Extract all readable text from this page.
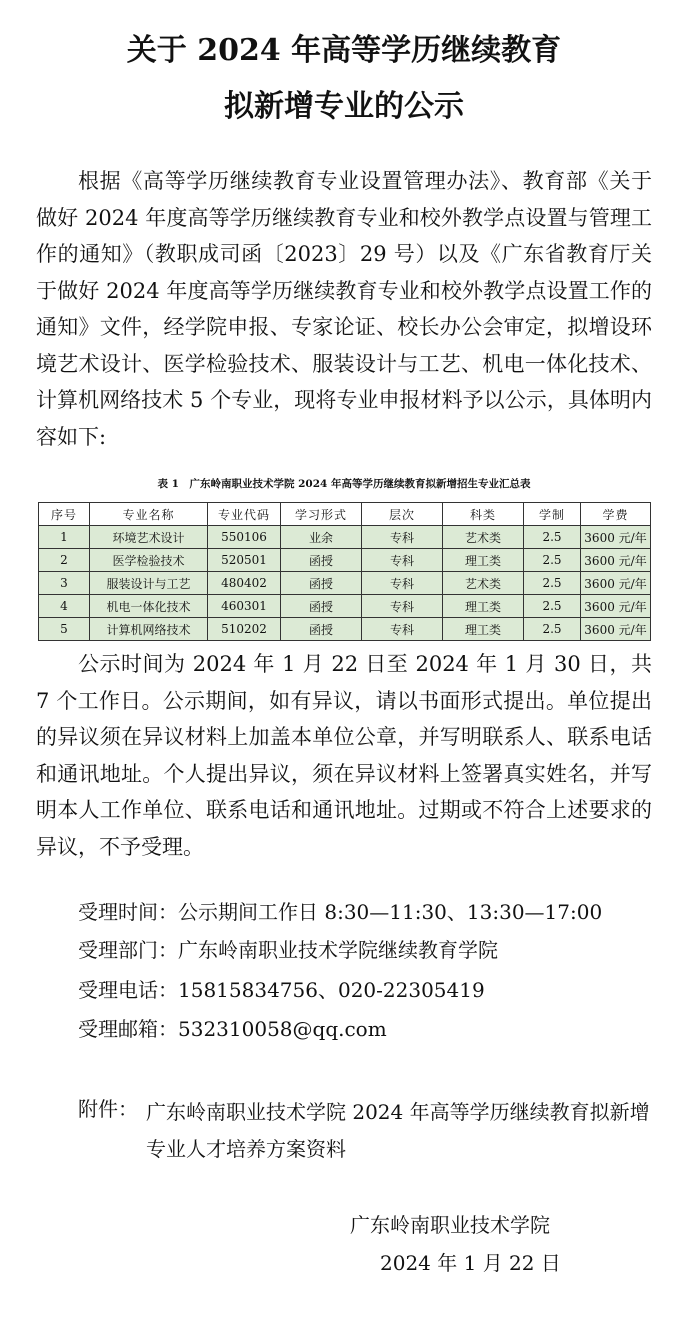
关于 2024 年高等学历继续教育
拟新增专业的公示

根据《高等学历继续教育专业设置管理办法》、教育部《关于做好 2024 年度高等学历继续教育专业和校外教学点设置与管理工作的通知》（教职成司函〔2023〕29 号）以及《广东省教育厅关于做好 2024 年度高等学历继续教育专业和校外教学点设置工作的通知》文件，经学院申报、专家论证、校长办公会审定，拟增设环境艺术设计、医学检验技术、服装设计与工艺、机电一体化技术、计算机网络技术 5 个专业，现将专业申报材料予以公示，具体明内容如下:

表 1　广东岭南职业技术学院 2024 年高等学历继续教育拟新增招生专业汇总表
序号	专业名称	专业代码	学习形式	层次	科类	学制	学费
1	环境艺术设计	550106	业余	专科	艺术类	2.5	3600 元/年
2	医学检验技术	520501	函授	专科	理工类	2.5	3600 元/年
3	服装设计与工艺	480402	函授	专科	艺术类	2.5	3600 元/年
4	机电一体化技术	460301	函授	专科	理工类	2.5	3600 元/年
5	计算机网络技术	510202	函授	专科	理工类	2.5	3600 元/年

公示时间为 2024 年 1 月 22 日至 2024 年 1 月 30 日，共 7 个工作日。公示期间，如有异议，请以书面形式提出。单位提出的异议须在异议材料上加盖本单位公章，并写明联系人、联系电话和通讯地址。个人提出异议，须在异议材料上签署真实姓名，并写明本人工作单位、联系电话和通讯地址。过期或不符合上述要求的异议，不予受理。

受理时间：公示期间工作日 8:30—11:30、13:30—17:00
受理部门：广东岭南职业技术学院继续教育学院
受理电话：15815834756、020-22305419
受理邮箱：532310058@qq.com
附件： 广东岭南职业技术学院 2024 年高等学历继续教育拟新增专业人才培养方案资料

广东岭南职业技术学院
2024 年 1 月 22 日
